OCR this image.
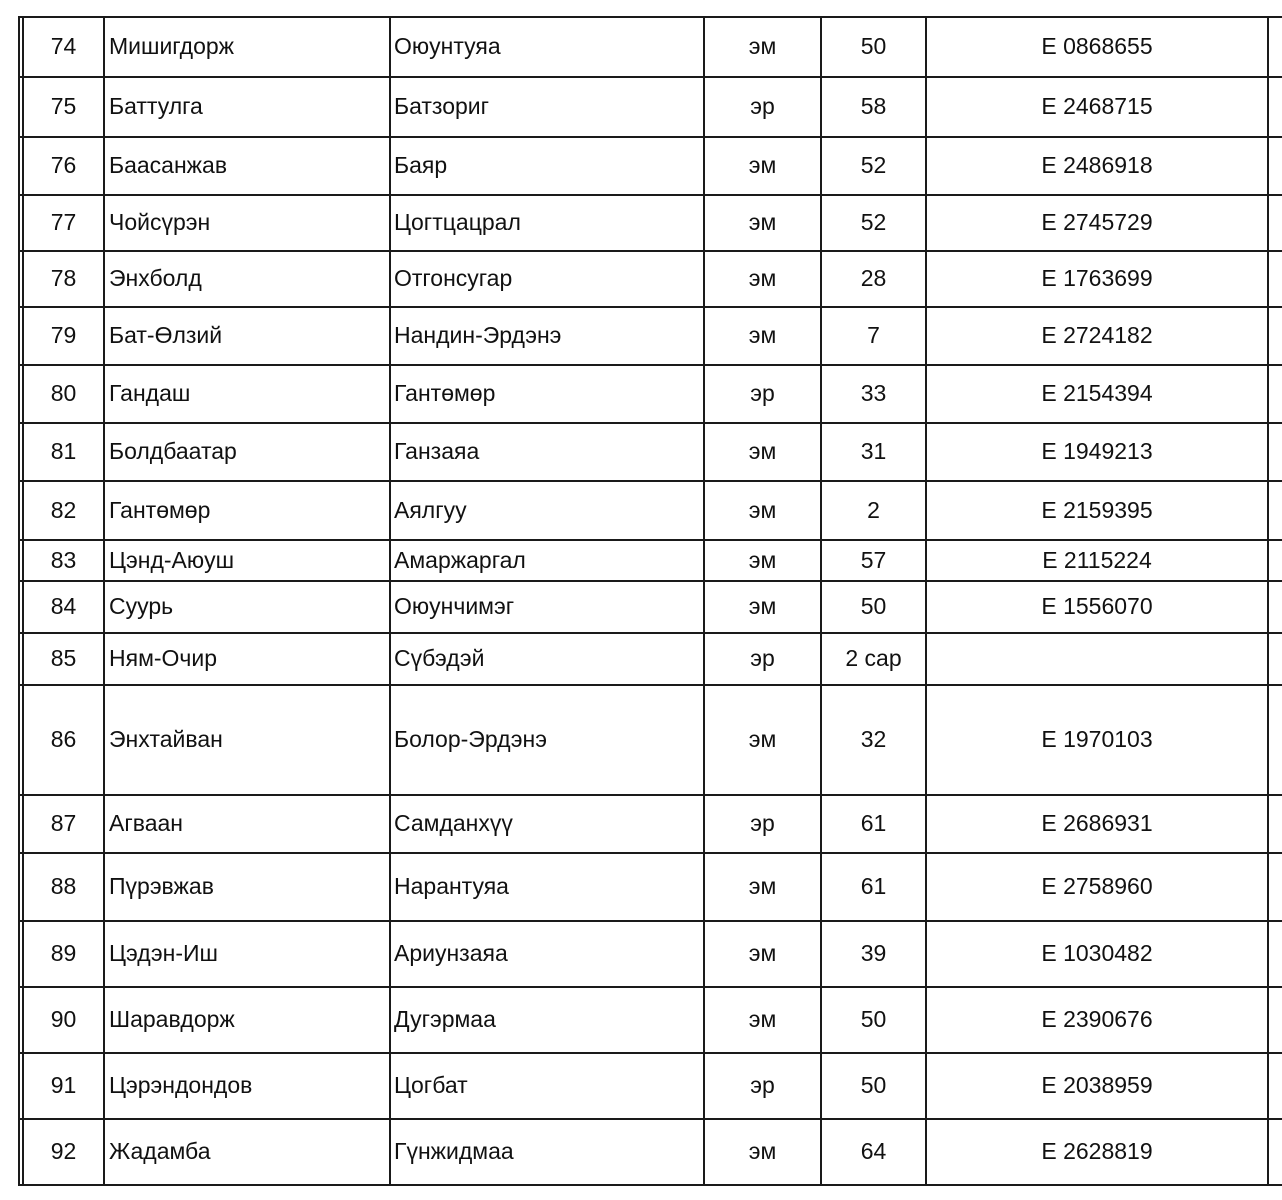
74	Мишигдорж	Оюунтуяа	эм	50	Е 0868655
75	Баттулга	Батзориг	эр	58	Е 2468715
76	Баасанжав	Баяр	эм	52	Е 2486918
77	Чойсүрэн	Цогтцацрал	эм	52	Е 2745729
78	Энхболд	Отгонсугар	эм	28	Е 1763699
79	Бат-Өлзий	Нандин-Эрдэнэ	эм	7	Е 2724182
80	Гандаш	Гантөмөр	эр	33	Е 2154394
81	Болдбаатар	Ганзаяа	эм	31	Е 1949213
82	Гантөмөр	Аялгуу	эм	2	Е 2159395
83	Цэнд-Аюуш	Амаржаргал	эм	57	Е 2115224
84	Суурь	Оюунчимэг	эм	50	Е 1556070
85	Ням-Очир	Сүбэдэй	эр	2 сар
86	Энхтайван	Болор-Эрдэнэ	эм	32	Е 1970103
87	Агваан	Самданхүү	эр	61	Е 2686931
88	Пүрэвжав	Нарантуяа	эм	61	Е 2758960
89	Цэдэн-Иш	Ариунзаяа	эм	39	Е 1030482
90	Шаравдорж	Дугэрмаа	эм	50	Е 2390676
91	Цэрэндондов	Цогбат	эр	50	Е 2038959
92	Жадамба	Гүнжидмаа	эм	64	Е 2628819
